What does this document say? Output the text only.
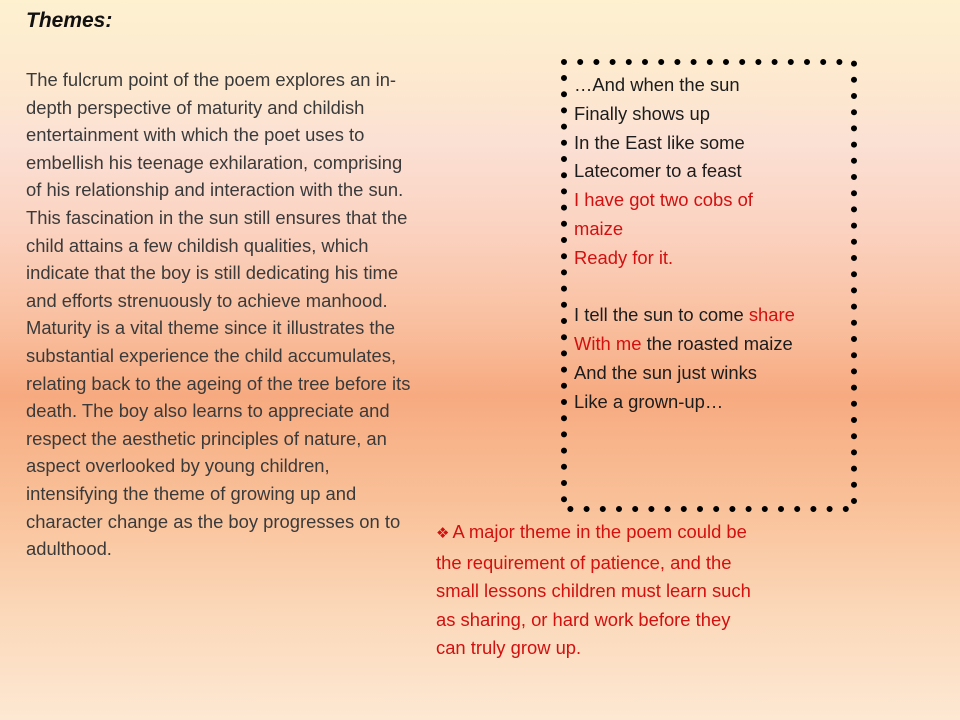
Themes:

The fulcrum point of the poem explores an in-depth perspective of maturity and childish entertainment with which the poet uses to embellish his teenage exhilaration, comprising of his relationship and interaction with the sun. This fascination in the sun still ensures that the child attains a few childish qualities, which indicate that the boy is still dedicating his time and efforts strenuously to achieve manhood. Maturity is a vital theme since it illustrates the substantial experience the child accumulates, relating back to the ageing of the tree before its death. The boy also learns to appreciate and respect the aesthetic principles of nature, an aspect overlooked by young children, intensifying the theme of growing up and character change as the boy progresses on to adulthood.

…And when the sun
Finally shows up
In the East like some
Latecomer to a feast
I have got two cobs of
maize
Ready for it.
I tell the sun to come share
With me the roasted maize
And the sun just winks
Like a grown-up…

❖ A major theme in the poem could be the requirement of patience, and the small lessons children must learn such as sharing, or hard work before they can truly grow up.
